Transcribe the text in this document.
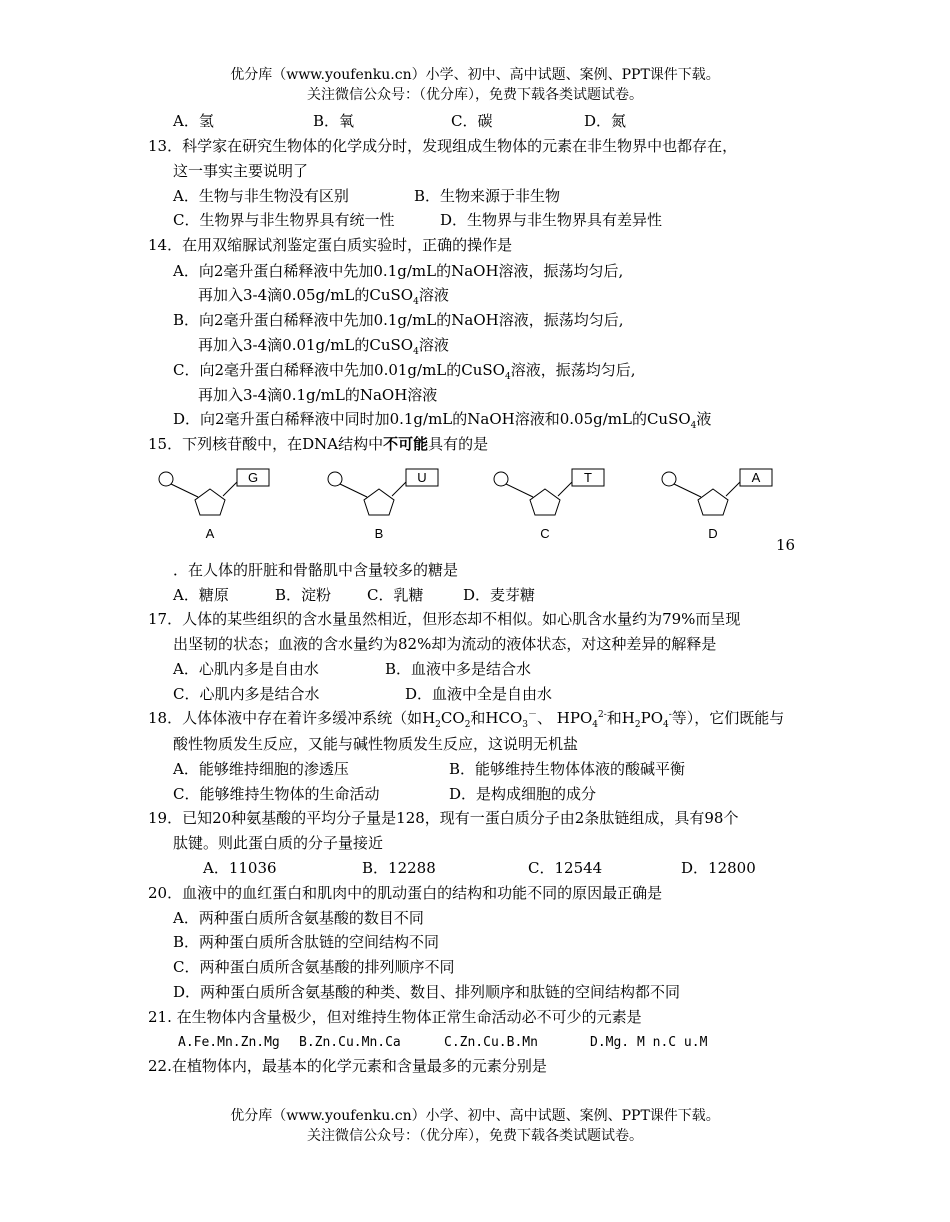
优分库（www.youfenku.cn）小学、初中、高中试题、案例、PPT课件下载。
关注微信公众号：（优分库），免费下载各类试题试卷。
A．氢	B．氧	C．碳	D．氮
13．科学家在研究生物体的化学成分时，发现组成生物体的元素在非生物界中也都存在，
这一事实主要说明了
A．生物与非生物没有区别	B．生物来源于非生物
C．生物界与非生物界具有统一性	D．生物界与非生物界具有差异性
14．在用双缩脲试剂鉴定蛋白质实验时，正确的操作是
A．向2毫升蛋白稀释液中先加0.1g/mL的NaOH溶液，振荡均匀后,
再加入3-4滴0.05g/mL的CuSO$_4$溶液
B．向2毫升蛋白稀释液中先加0.1g/mL的NaOH溶液，振荡均匀后,
再加入3-4滴0.01g/mL的CuSO$_4$溶液
C．向2毫升蛋白稀释液中先加0.01g/mL的CuSO$_4$溶液，振荡均匀后,
再加入3-4滴0.1g/mL的NaOH溶液
D．向2毫升蛋白稀释液中同时加0.1g/mL的NaOH溶液和0.05g/mL的CuSO$_4$液
15．下列核苷酸中，在DNA结构中不可能具有的是
G
A
U
B
T
C
A
D
16
．在人体的肝脏和骨骼肌中含量较多的糖是
A．糖原	B．淀粉 C．乳糖	D．麦芽糖
17．人体的某些组织的含水量虽然相近，但形态却不相似。如心肌含水量约为79%而呈现
出坚韧的状态；血液的含水量约为82%却为流动的液体状态，对这种差异的解释是
A．心肌内多是自由水	B．血液中多是结合水
C．心肌内多是结合水	D．血液中全是自由水
18．人体体液中存在着许多缓冲系统（如$H_2CO_2$和$HCO_3^-$、 $HPO_4^{2-}$和$H_2PO_4^-$等），它们既能与
酸性物质发生反应，又能与碱性物质发生反应，这说明无机盐
A．能够维持细胞的渗透压	B．能够维持生物体体液的酸碱平衡
C．能够维持生物体的生命活动	D．是构成细胞的成分
19．已知20种氨基酸的平均分子量是128，现有一蛋白质分子由2条肽链组成，具有98个
肽键。则此蛋白质的分子量接近
A．11036	B．12288	C．12544	D．12800
20．血液中的血红蛋白和肌肉中的肌动蛋白的结构和功能不同的原因最正确是
A．两种蛋白质所含氨基酸的数目不同
B．两种蛋白质所含肽链的空间结构不同
C．两种蛋白质所含氨基酸的排列顺序不同
D．两种蛋白质所含氨基酸的种类、数目、排列顺序和肽链的空间结构都不同
21. 在生物体内含量极少，但对维持生物体正常生命活动必不可少的元素是
A.Fe.Mn.Zn.Mg B.Zn.Cu.Mn.Ca	C.Zn.Cu.B.Mn	D.Mg. M n.C u.M
22.在植物体内，最基本的化学元素和含量最多的元素分别是
优分库（www.youfenku.cn）小学、初中、高中试题、案例、PPT课件下载。
关注微信公众号：（优分库），免费下载各类试题试卷。
